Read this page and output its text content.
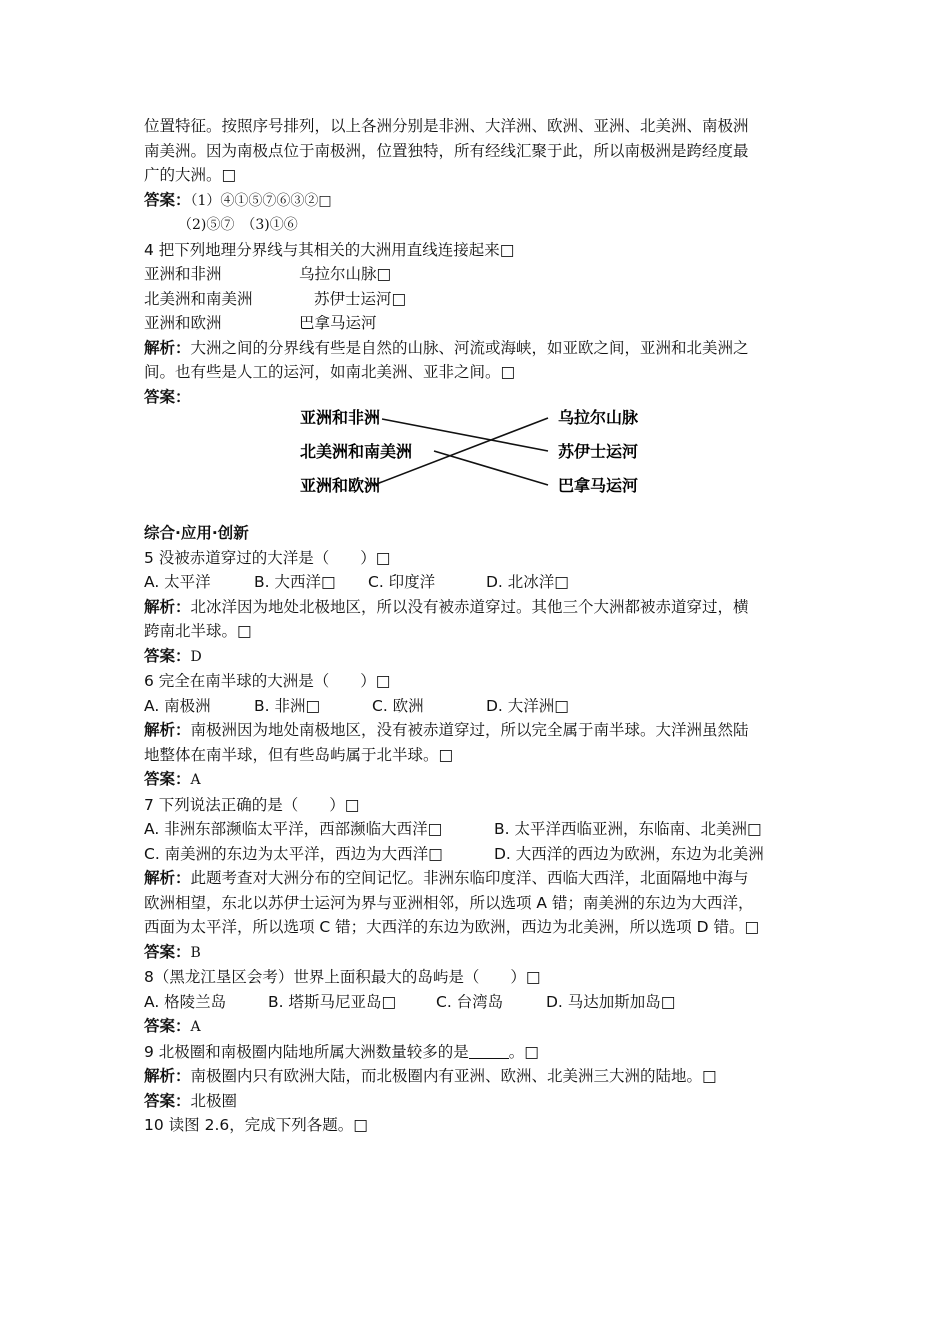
位置特征。按照序号排列，以上各洲分别是非洲、大洋洲、欧洲、亚洲、北美洲、南极洲
南美洲。因为南极点位于南极洲，位置独特，所有经线汇聚于此，所以南极洲是跨经度最
广的大洲。□
答案：（1）④①⑤⑦⑥③②□
（2)⑤⑦　（3)①⑥
4 把下列地理分界线与其相关的大洲用直线连接起来□
亚洲和非洲	乌拉尔山脉□
北美洲和南美洲	苏伊士运河□
亚洲和欧洲	巴拿马运河
解析：大洲之间的分界线有些是自然的山脉、河流或海峡，如亚欧之间，亚洲和北美洲之
间。也有些是人工的运河，如南北美洲、亚非之间。□
答案：
亚洲和非洲
北美洲和南美洲
亚洲和欧洲
乌拉尔山脉
苏伊士运河
巴拿马运河
综合·应用·创新
5 没被赤道穿过的大洋是（　　）□
A. 太平洋	B. 大西洋□	C. 印度洋	D. 北冰洋□
解析：北冰洋因为地处北极地区，所以没有被赤道穿过。其他三个大洲都被赤道穿过，横
跨南北半球。□
答案：D
6 完全在南半球的大洲是（　　）□
A. 南极洲	B. 非洲□	C. 欧洲	D. 大洋洲□
解析：南极洲因为地处南极地区，没有被赤道穿过，所以完全属于南半球。大洋洲虽然陆
地整体在南半球，但有些岛屿属于北半球。□
答案：A
7 下列说法正确的是（　　）□
A. 非洲东部濒临太平洋，西部濒临大西洋□	B. 太平洋西临亚洲，东临南、北美洲□
C. 南美洲的东边为太平洋，西边为大西洋□	D. 大西洋的西边为欧洲，东边为北美洲
解析：此题考查对大洲分布的空间记忆。非洲东临印度洋、西临大西洋，北面隔地中海与
欧洲相望，东北以苏伊士运河为界与亚洲相邻，所以选项 A 错；南美洲的东边为大西洋，
西面为太平洋，所以选项 C 错；大西洋的东边为欧洲，西边为北美洲，所以选项 D 错。□
答案：B
8（黑龙江垦区会考）世界上面积最大的岛屿是（　　）□
A. 格陵兰岛	B. 塔斯马尼亚岛□	C. 台湾岛	D. 马达加斯加岛□
答案：A
9 北极圈和南极圈内陆地所属大洲数量较多的是	。□
解析：南极圈内只有欧洲大陆，而北极圈内有亚洲、欧洲、北美洲三大洲的陆地。□
答案：北极圈
10 读图 2.6，完成下列各题。□
